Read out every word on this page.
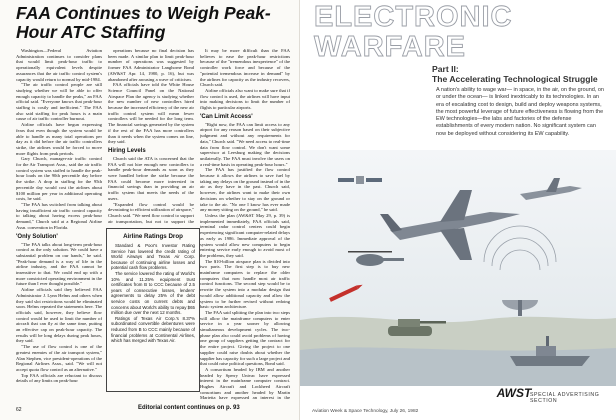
FAA Continues to Weigh Peak-Hour ATC Staffing

Washington—Federal Aviation Administration continues to consider plans that would limit peak-hour traffic to operationally equivalent levels despite assurances that the air traffic control system's capacity would return to normal by mid-1984.

"The air traffic control people are still studying whether we will be able to offer enough capacity to handle the peaks," an FAA official said. "Everyone knows that peak-hour staffing is costly and inefficient." The FAA also said staffing for peak hours is a main cause of air traffic controller burnout.

Airline officials have begun expressing fears that even though the system would be able to handle as many total operations per day as it did before the air traffic controllers strike, the airlines would be forced to move more flights from peak periods.

Gary Church, manager-air traffic control for the Air Transport Assn., said the air traffic control system was staffed to handle the peak-hour loads on the 90th percentile day before the strike. A drop in staffing for the 95th percentile day would cost the airlines about $100 million per year in additional operating costs, he said.

"The FAA has switched from talking about having insufficient air traffic control capacity to talking about having excess peak-hour demand," Church said at a Regional Airline Assn. convention in Florida.

'Only Solution'

"The FAA talks about long-term peak-hour control as the only solution. We could have a substantial problem on our hands," he said. "Peak-hour demand is a way of life in the airline industry, and the FAA cannot be insensitive to that. We could end up with a more constricted operating environment in the future than I ever thought possible."

Airline officials said they believed FAA Administrator J. Lynn Helms and others when they said slot restrictions would be eliminated soon. Helms repeated the statements here. The officials said, however, they believe flow control would be used to limit the number of aircraft that can fly at the same time, putting an effective cap on peak-hour capacity. The results will be long delays during peak hours, they said.

"The use of flow control is one of the greatest enemies of the air transport system," Alan Stephen, vice president-operations of the Regional Airlines Assn., said. "We will not accept quota flow control as an alternative."

Top FAA officials are reluctant to discuss details of any limits on peak-hour

operations because no final decision has been made. A similar plan to limit peak-hour number of operations was suggested by former FAA Administrator Langhorne Bond (AW&ST Apr. 14, 1980, p. 16), but was abandoned after arousing a wave of criticism.

FAA officials have told the White House Science Council Panel on the National Airspace Plan the agency is studying whether the new number of new controllers hired because the increased efficiency of the new air traffic control system will mean fewer controllers will be needed for the long term. The financial savings generated by the system if the rest of the FAA has more controllers than it needs when the system comes on line, they said.

Hiring Levels

Church said the ATA is concerned that the FAA will not hire enough new controllers to handle peak-hour demands as soon as they were handled before the strike because the FAA could become more interested in financial savings than in providing an air traffic system that meets the needs of the users.

"Expanded flow control would be devastating to efficient utilization of airspace," Church said. "We need flow control to support air transportation, but not to support the

Airline Ratings Drop

Standard & Poor's Investor Rating Service has lowered the credit rating of World Airways and Texas Air Corp. because of continuing airline losses and potential cash flow problems.

The service lowered the rating of World's 10% and 11.25% equipment trust certificates from B to CCC because of 2.5 years of consecutive losses, lenders' agreements to delay 25% of the debt service costs on current debts and concerns about World's ability to repay $65 million due over the next 12 months.

Ratings of Texas Air Corp.'s 8.37% subordinated convertible debentures were reduced from B to CCC mainly because of financial problems at Continental Airlines, which has merged with Texas Air.

It may be more difficult than the FAA believes to ease the peak-hour restrictions because of the "tremendous inexperience" of the controller work force and because of the "potential tremendous increase in demand" by the airlines for capacity as the industry recovers, Church said.

Airline officials also want to make sure that if flow control is used, the airlines will have input into making decisions to limit the number of flights to particular airports.

'Can Limit Access'

"Right now, the FAA can limit access to any airport for any reason based on their subjective judgment and without any requirements for data," Church said. "We need access to real-time data from flow control. We don't want some supervisor at Leesburg making the decisions unilaterally. The FAA must involve the users on a real-time basis in operating peak-hour hours."

The FAA has justified the flow control because it allows the airlines to save fuel by taking any delays on the ground instead of in the air as they have in the past. Church said, however, the airlines want to make their own decisions on whether to stay on the ground or take to the air. "No one I know has ever made any money sitting on the ground," he said.

Unless the plan (AW&ST May 29, p. 39) is implemented immediately, FAA officials said, terminal radar control centers could begin experiencing significant computer-related delays as early as 1986. Immediate approval of the system would allow new computers to begin entering service early enough to avoid most of the problems, they said.

The $10-billion airspace plan is divided into two parts. The first step is to buy new mainframe computers to replace the older computers that now handle most air traffic control functions. The second step would be to rewrite the system into a modular design that would allow additional capacity and allow the system to be further revised without redoing basic system architecture.

The FAA said splitting the plan into two steps will allow the mainframe computers to enter service in a year sooner by allowing simultaneous development cycles. The two-phase plan also could avoid problems of having one group of suppliers getting the contract for the entire project. Giving the project to one supplier could raise doubts about whether the supplier has capacity for such a large project and that could raise political questions, Bond said.

A consortium headed by IBM and another headed by Sperry Univac have expressed interest in the mainframe computer contract. Hughes Aircraft and Lockheed Aircraft consortium and another headed by Martin Marietta have expressed an interest in the

62	Editorial content continues on p. 93
ELECTRONIC
WARFARE
Part II:
The Accelerating Technological Struggle
A nation's ability to wage war— in space, in the air, on the ground, on or under the ocean— is linked inextricably to its technologies. In an era of escalating cost to design, build and deploy weapons systems, the most powerful leverage of future effectiveness is flowing from the EW technologies—the labs and factories of the defense establishments of every modern nation. No significant system can now be deployed without considering its EW capability.
AWST
SPECIAL ADVERTISING SECTION
Aviation Week & Space Technology, July 26, 1982
